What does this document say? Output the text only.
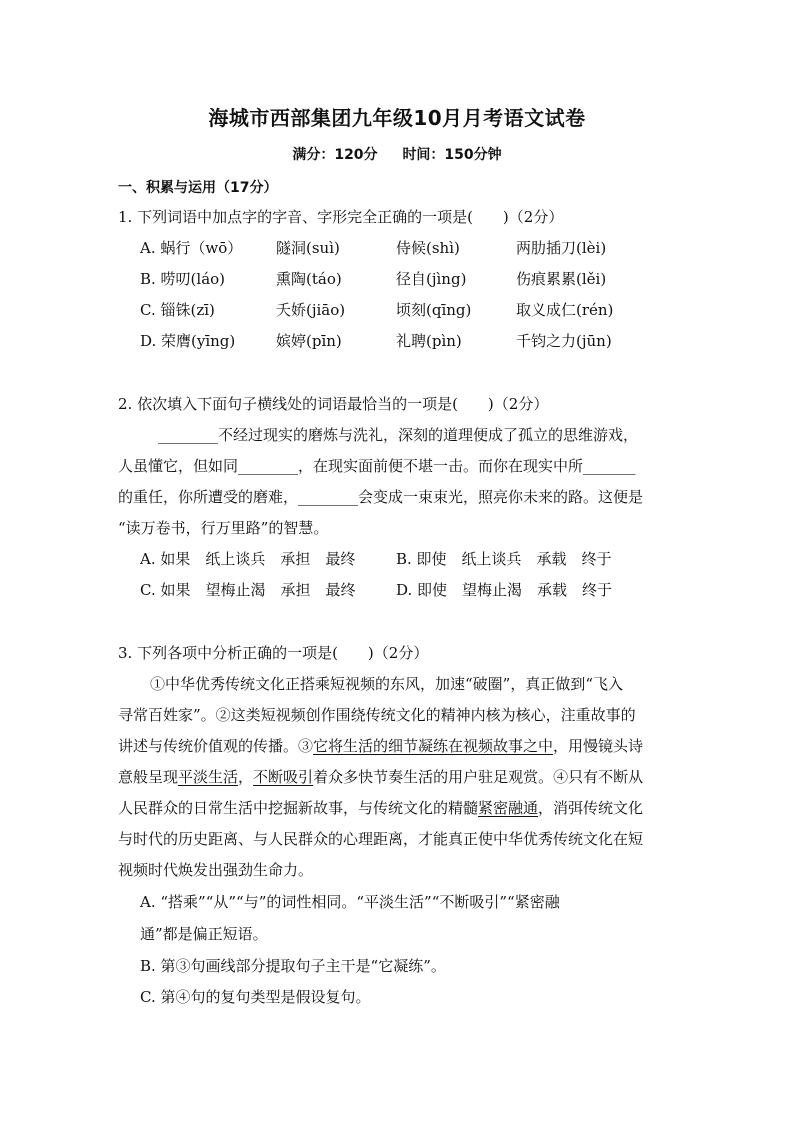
海城市西部集团九年级10月月考语文试卷
满分：120分 时间：150分钟
一、积累与运用（17分）
1. 下列词语中加点字的字音、字形完全正确的一项是(　　)（2分）
A. 蜗行（wō） 隧洞(suì)	侍候(shì)	两肋插刀(lèi)
B. 唠叨(láo)	熏陶(táo)	径自(jìng)	伤痕累累(lěi)
C. 锱铢(zī)	夭娇(jiāo)	顷刻(qīng)	取义成仁(rén)
D. 荣膺(yīng)	嫔婷(pīn)	礼聘(pìn)	千钧之力(jūn)
2. 依次填入下面句子横线处的词语最恰当的一项是(　　)（2分）
________不经过现实的磨炼与洗礼，深刻的道理便成了孤立的思维游戏，
人虽懂它，但如同________，在现实面前便不堪一击。而你在现实中所_______
的重任，你所遭受的磨难，________会变成一束束光，照亮你未来的路。这便是
“读万卷书，行万里路”的智慧。
A. 如果　纸上谈兵　承担　最终	B. 即使　纸上谈兵　承载　终于
C. 如果　望梅止渴　承担　最终	D. 即使　望梅止渴　承载　终于
3. 下列各项中分析正确的一项是(　　)（2分）
①中华优秀传统文化正搭乘短视频的东风，加速“破圈”，真正做到“飞入
寻常百姓家”。②这类短视频创作围绕传统文化的精神内核为核心，注重故事的
讲述与传统价值观的传播。③它将生活的细节凝练在视频故事之中，用慢镜头诗
意般呈现平淡生活，不断吸引着众多快节奏生活的用户驻足观赏。④只有不断从
人民群众的日常生活中挖掘新故事，与传统文化的精髓紧密融通，消弭传统文化
与时代的历史距离、与人民群众的心理距离，才能真正使中华优秀传统文化在短
视频时代焕发出强劲生命力。
A. “搭乘”“从”“与”的词性相同。“平淡生活”“不断吸引”“紧密融
通”都是偏正短语。
B. 第③句画线部分提取句子主干是“它凝练”。
C. 第④句的复句类型是假设复句。
